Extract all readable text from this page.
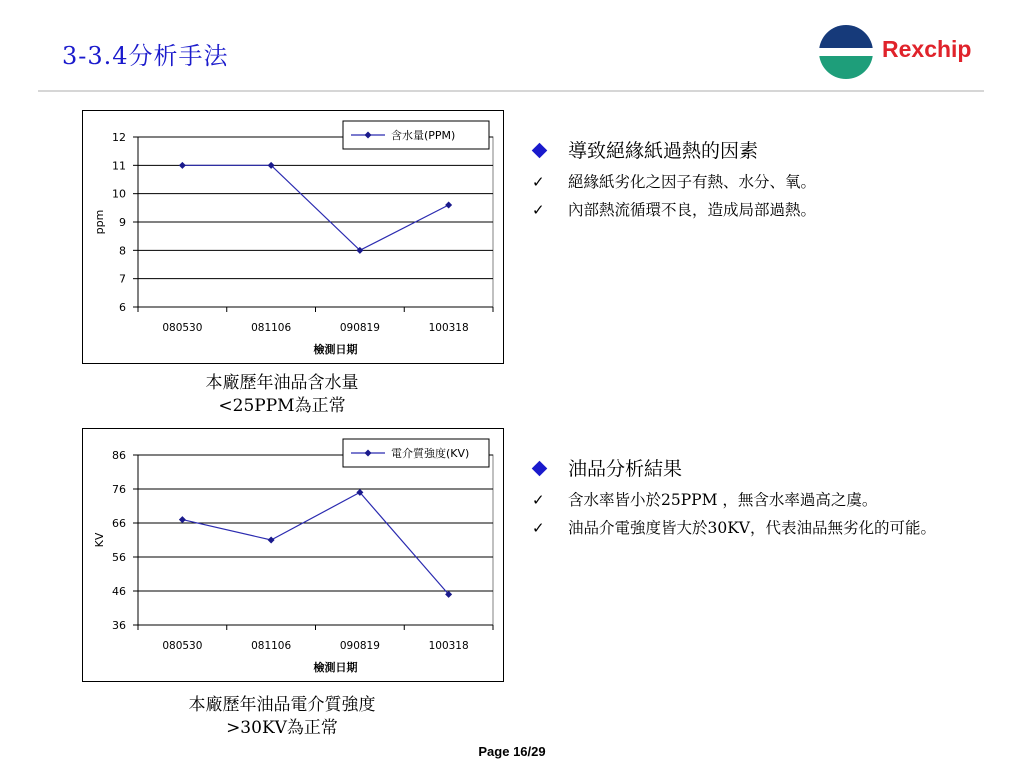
3-3.4分析手法	Rexchip
6
7
8
9
10
11
12
080530	081106	090819	100318
檢測日期
ppm
含水量(PPM)
本廠歷年油品含水量
<25PPM為正常
36
46
56
66
76
86
080530	081106	090819	100318
檢測日期
KV
電介質強度(KV)
本廠歷年油品電介質強度
>30KV為正常
導致絕緣紙過熱的因素
✓ 絕緣紙劣化之因子有熱、水分、氧。
✓ 內部熱流循環不良，造成局部過熱。
油品分析結果
✓ 含水率皆小於25PPM ，無含水率過高之虞。
✓ 油品介電強度皆大於30KV，代表油品無劣化的可能。
Page 16/29
